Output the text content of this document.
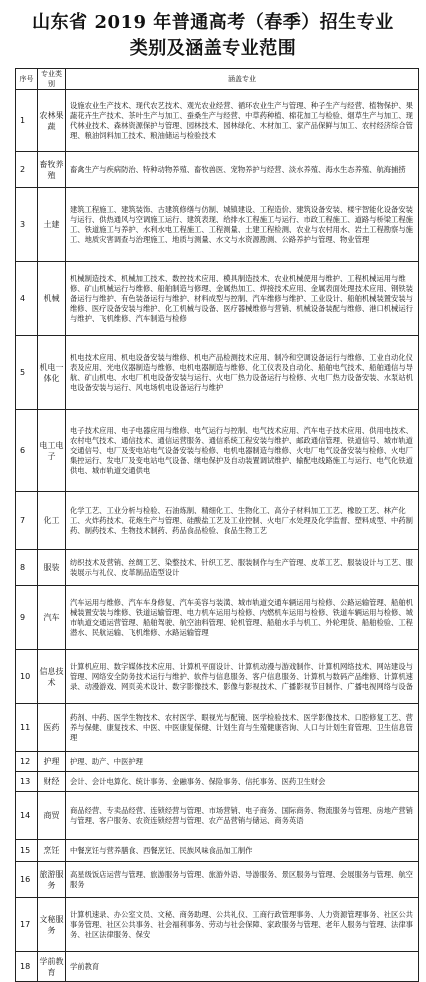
山东省 2019 年普通高考（春季）招生专业
类别及涵盖专业范围
序号	专业类别	涵盖专业
1	农林果蔬	设施农业生产技术、现代农艺技术、观光农业经营、循环农业生产与管理、种子生产与经营、植物保护、果蔬花卉生产技术、茶叶生产与加工、蚕桑生产与经营、中草药种植、棉花加工与检验、烟草生产与加工、现代林业技术、森林资源保护与管理、园林技术、园林绿化、木材加工、家产品保鲜与加工、农村经济综合管理、粮油饲料加工技术、粮油储运与检验技术
2	畜牧养殖	畜禽生产与疾病防治、特种动物养殖、畜牧兽医、宠物养护与经营、淡水养殖、海水生态养殖、航海捕捞
3	土建	建筑工程施工、建筑装饰、古建筑修缮与仿制、城镇建设、工程造价、建筑设备安装、楼宇智能化设备安装与运行、供热通风与空调施工运行、建筑表现、给排水工程施工与运行、市政工程施工、道路与桥梁工程施工、铁道施工与养护、水利水电工程施工、工程测量、土建工程检测、农业与农村用水、岩土工程勘察与施工、地质灾害调查与治理施工、地质与测量、水文与水资源勘测、公路养护与管理、物业管理
4	机械	机械制造技术、机械加工技术、数控技术应用、模具制造技术、农业机械使用与维护、工程机械运用与维修、矿山机械运行与维修、船舶制造与修理、金属热加工、焊接技术应用、金属表面处理技术应用、钢铁装备运行与维护、有色装备运行与维护、材料成型与控制、汽车维修与维护、工业设计、船舶机械装置安装与维修、医疗设备安装与维护、化工机械与设备、医疗器械维修与营销、机械设备装配与维修、港口机械运行与维护、飞机维修、汽车制造与检修
5	机电一体化	机电技术应用、机电设备安装与维修、机电产品检测技术应用、制冷和空调设备运行与维修、工业自动化仪表及应用、光电仪器制造与维修、电机电器制造与维修、化工仪表及自动化、船舶电气技术、船舶通信与导航、矿山机电、水电厂机电设备安装与运行、火电厂热力设备运行与检修、火电厂热力设备安装、水泵站机电设备安装与运行、风电场机电设备运行与维护
6	电工电子	电子技术应用、电子电器应用与维修、电气运行与控制、电气技术应用、汽车电子技术应用、供用电技术、农村电气技术、通信技术、通信运营服务、通信系统工程安装与维护、邮政通信管理、铁道信号、城市轨道交通信号、电厂及变电站电气设备安装与检修、电机电器制造与维修、火电厂电气设备安装与检修、火电厂集控运行、发电厂及变电站电气设备、继电保护及自动装置调试维护、输配电线路施工与运行、电气化铁道供电、城市轨道交通供电
7	化工	化学工艺、工业分析与检验、石油炼制、精细化工、生物化工、高分子材料加工工艺、橡胶工艺、林产化工、火炸药技术、花炮生产与管理、硅酸盐工艺及工业控制、火电厂水处理及化学监督、塑料成型、中药制药、制药技术、生物技术制药、药品食品检验、食品生物工艺
8	服装	纺织技术及营销、丝绸工艺、染整技术、针织工艺、服装制作与生产管理、皮革工艺、服装设计与工艺、服装展示与礼仪、皮革制品造型设计
9	汽车	汽车运用与维修、汽车车身修复、汽车美容与装潢、城市轨道交通车辆运用与检修、公路运输管理、船舶机械装置安装与维修、铁道运输管理、电力机车运用与检修、内燃机车运用与检修、铁道车辆运用与检修、城市轨道交通运营管理、船舶驾驶、航空油料管理、轮机管理、船舶水手与机工、外轮理货、船舶检验、工程潜水、民航运输、飞机维修、水路运输管理
10	信息技术	计算机应用、数字媒体技术应用、计算机平面设计、计算机动漫与游戏制作、计算机网络技术、网站建设与管理、网络安全防务技术运行与维护、软件与信息服务、客户信息服务、计算机与数码产品维修、计算机速录、动漫游戏、网页美术设计、数字影像技术、影像与影视技术、广播影视节目制作、广播电视网络与设备
11	医药	药剂、中药、医学生物技术、农村医学、眼视光与配镜、医学检验技术、医学影像技术、口腔修复工艺、营养与保健、康复技术、中医、中医康复保健、计划生育与生殖健康咨询、人口与计划生育管理、卫生信息管理
12	护理	护理、助产、中医护理
13	财经	会计、会计电算化、统计事务、金融事务、保险事务、信托事务、医药卫生财会
14	商贸	商品经营、专卖品经营、连锁经营与管理、市场营销、电子商务、国际商务、物流服务与管理、房地产营销与管理、客户服务、农资连锁经营与管理、农产品营销与储运、商务英语
15	烹饪	中餐烹饪与营养膳食、西餐烹饪、民族风味食品加工制作
16	旅游服务	高星级饭店运营与管理、旅游服务与管理、旅游外语、导游服务、景区服务与管理、会展服务与管理、航空服务
17	文秘服务	计算机速录、办公室文员、文秘、商务助理、公共礼仪、工商行政管理事务、人力资源管理事务、社区公共事务管理、社区公共事务、社会福利事务、劳动与社会保障、家政服务与管理、老年人服务与管理、法律事务、社区法律服务、保安
18	学前教育	学前教育
